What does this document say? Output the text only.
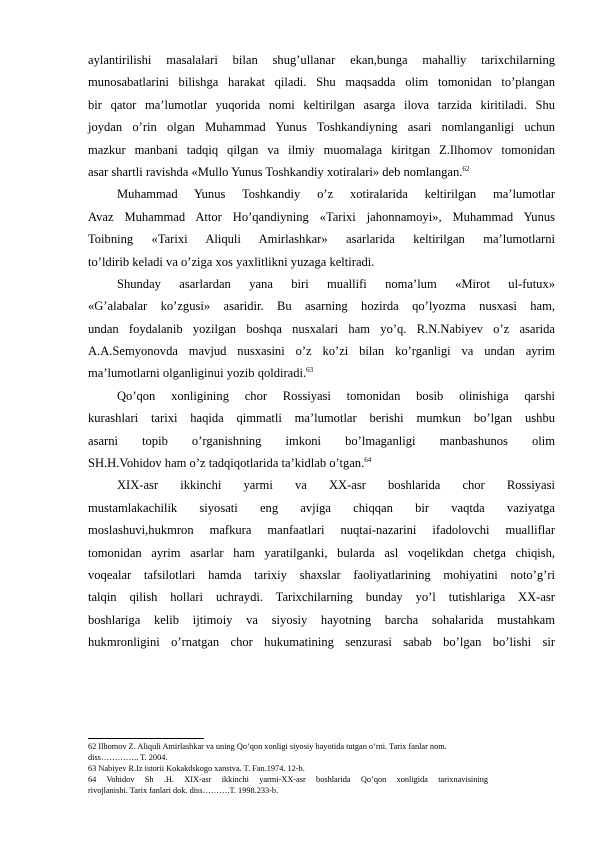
aylantirilishi masalalari bilan shug’ullanar ekan,bunga mahalliy tarixchilarning
munosabatlarini bilishga harakat qiladi. Shu maqsadda olim tomonidan to’plangan
bir qator ma’lumotlar yuqorida nomi keltirilgan asarga ilova tarzida kiritiladi. Shu
joydan o’rin olgan Muhammad Yunus Toshkandiyning asari nomlanganligi uchun
mazkur manbani tadqiq qilgan va ilmiy muomalaga kiritgan Z.Ilhomov tomonidan
asar shartli ravishda «Mullo Yunus Toshkandiy xotiralari» deb nomlangan.$^{62}$
Muhammad Yunus Toshkandiy o’z xotiralarida keltirilgan ma’lumotlar
Avaz Muhammad Attor Ho’qandiyning «Tarixi jahonnamoyi», Muhammad Yunus
Toibning «Tarixi Aliquli Amirlashkar» asarlarida keltirilgan ma’lumotlarni
to’ldirib keladi va o’ziga xos yaxlitlikni yuzaga keltiradi.
Shunday asarlardan yana biri muallifi noma’lum «Mirot ul-futux»
«G’alabalar ko’zgusi» asaridir. Bu asarning hozirda qo’lyozma nusxasi ham,
undan foydalanib yozilgan boshqa nusxalari ham yo’q. R.N.Nabiyev o’z asarida
A.A.Semyonovda mavjud nusxasini o’z ko’zi bilan ko’rganligi va undan ayrim
ma’lumotlarni olganliginui yozib qoldiradi.$^{63}$
Qo’qon xonligining chor Rossiyasi tomonidan bosib olinishiga qarshi
kurashlari tarixi haqida qimmatli ma’lumotlar berishi mumkun bo’lgan ushbu
asarni topib o’rganishning imkoni bo’lmaganligi manbashunos olim
SH.H.Vohidov ham o’z tadqiqotlarida ta’kidlab o’tgan.$^{64}$
XIX-asr ikkinchi yarmi va XX-asr boshlarida chor Rossiyasi
mustamlakachilik siyosati eng avjiga chiqqan bir vaqtda vaziyatga
moslashuvi,hukmron mafkura manfaatlari nuqtai-nazarini ifadolovchi mualliflar
tomonidan ayrim asarlar ham yaratilganki, bularda asl voqelikdan chetga chiqish,
voqealar tafsilotlari hamda tarixiy shaxslar faoliyatlarining mohiyatini noto’g’ri
talqin qilish hollari uchraydi. Tarixchilarning bunday yo’l tutishlariga XX-asr
boshlariga kelib ijtimoiy va siyosiy hayotning barcha sohalarida mustahkam
hukmronligini o’rnatgan chor hukumatining senzurasi sabab bo’lgan bo’lishi sir
62 Ilhomov Z. Aliquli Amirlashkar va uning Qo’qon xonligi siyosiy hayotida tutgan o’rni. Tarix fanlar nom.
diss………….. T. 2004.
63 Nabiyev R.Iz istorii Kokakdskogo xanstva. T. Fan.1974. 12-b.
64 Vohidov Sh .H. XIX-asr ikkinchi yarmi-XX-asr boshlarida Qo’qon xonligida tarixnavisining
rivojlanishi. Tarix fanlari dok. diss……….T. 1998.233-b.
